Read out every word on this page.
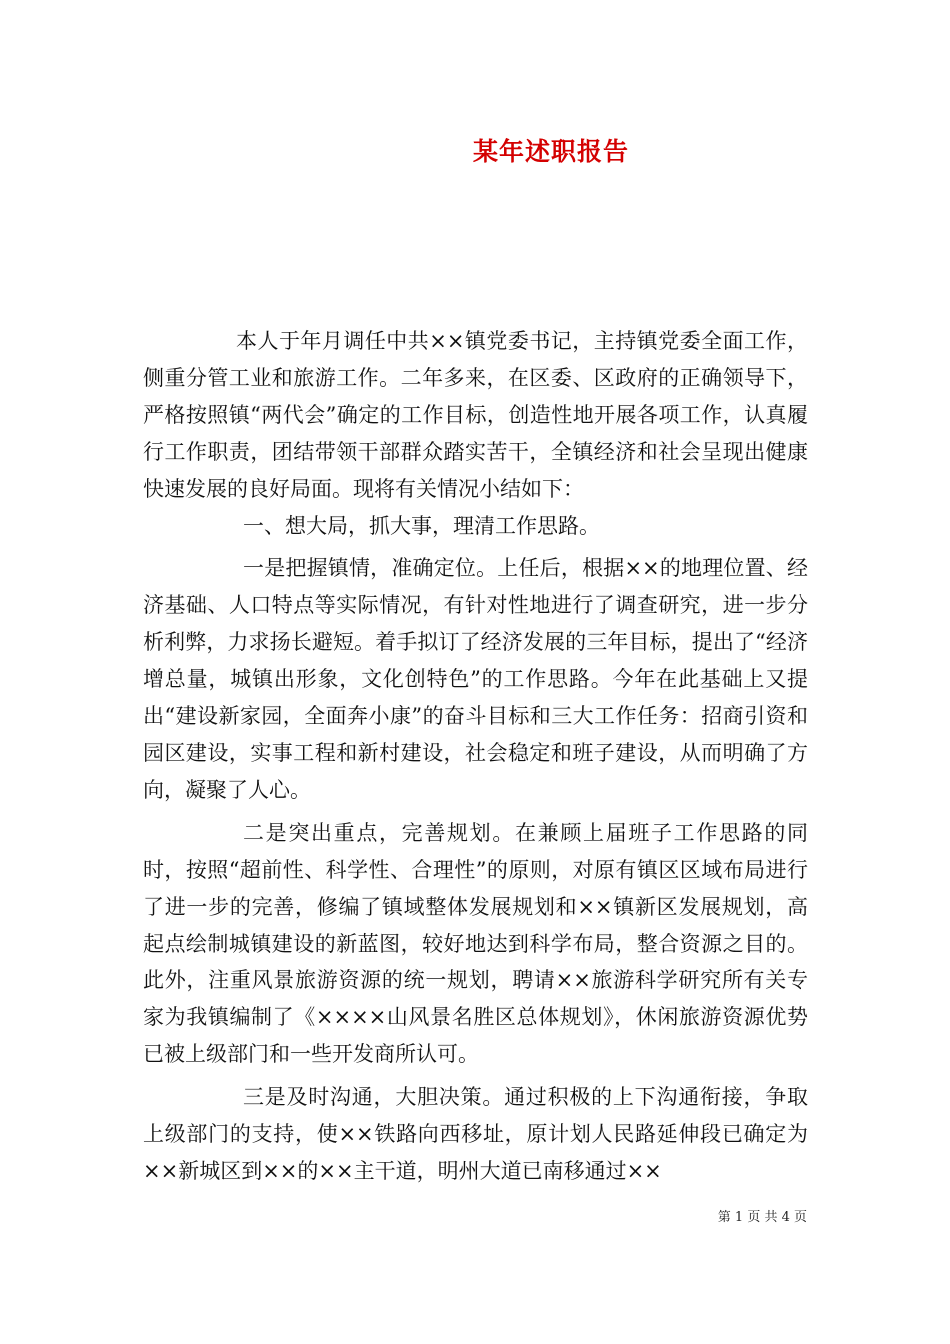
某年述职报告

本人于年月调任中共××镇党委书记，主持镇党委全面工作，侧重分管工业和旅游工作。二年多来，在区委、区政府的正确领导下，严格按照镇“两代会”确定的工作目标，创造性地开展各项工作，认真履行工作职责，团结带领干部群众踏实苦干，全镇经济和社会呈现出健康快速发展的良好局面。现将有关情况小结如下：

一、想大局，抓大事，理清工作思路。

一是把握镇情，准确定位。上任后，根据××的地理位置、经济基础、人口特点等实际情况，有针对性地进行了调查研究，进一步分析利弊，力求扬长避短。着手拟订了经济发展的三年目标，提出了“经济增总量，城镇出形象，文化创特色”的工作思路。今年在此基础上又提出“建设新家园，全面奔小康”的奋斗目标和三大工作任务：招商引资和园区建设，实事工程和新村建设，社会稳定和班子建设，从而明确了方向，凝聚了人心。

二是突出重点，完善规划。在兼顾上届班子工作思路的同时，按照“超前性、科学性、合理性”的原则，对原有镇区区域布局进行了进一步的完善，修编了镇域整体发展规划和××镇新区发展规划，高起点绘制城镇建设的新蓝图，较好地达到科学布局，整合资源之目的。此外，注重风景旅游资源的统一规划，聘请××旅游科学研究所有关专家为我镇编制了《××××山风景名胜区总体规划》，休闲旅游资源优势已被上级部门和一些开发商所认可。

三是及时沟通，大胆决策。通过积极的上下沟通衔接，争取上级部门的支持，使××铁路向西移址，原计划人民路延伸段已确定为××新城区到××的××主干道，明州大道已南移通过××

第 1 页 共 4 页
